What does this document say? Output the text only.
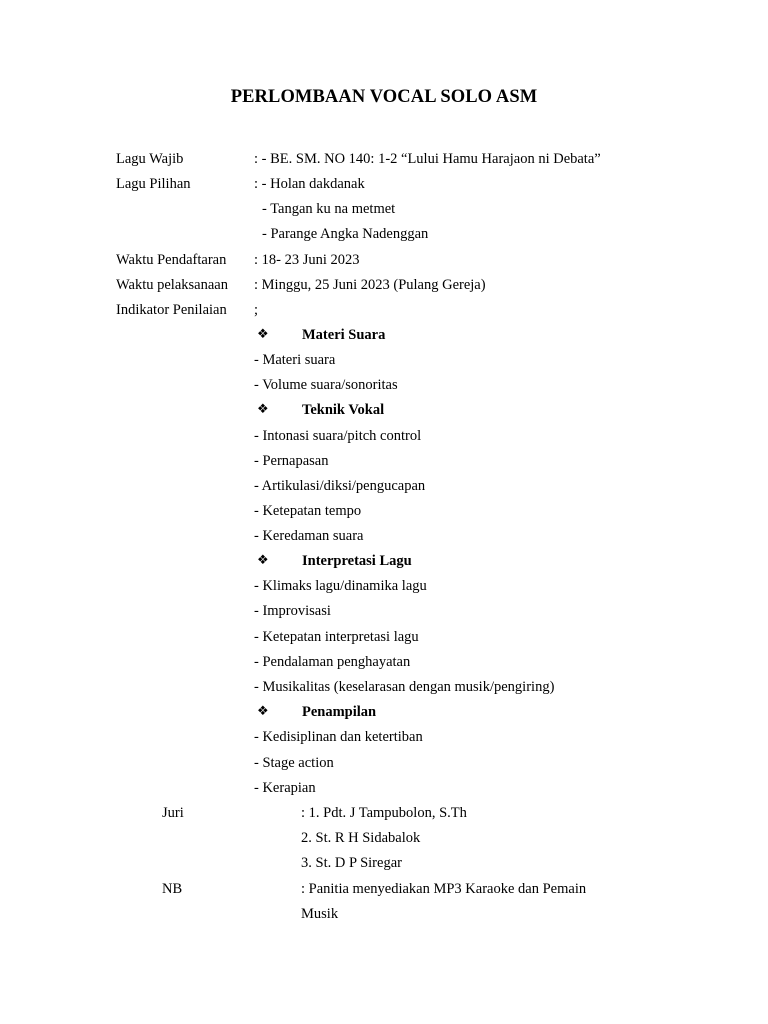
PERLOMBAAN VOCAL SOLO ASM
Lagu Wajib	: - BE. SM. NO 140: 1-2 “Lului Hamu Harajaon ni Debata”
Lagu Pilihan	: - Holan dakdanak
- Tangan ku na metmet
- Parange Angka Nadenggan
Waktu Pendaftaran : 18- 23 Juni 2023
Waktu pelaksanaan : Minggu, 25 Juni 2023 (Pulang Gereja)
Indikator Penilaian ;
❖ Materi Suara
- Materi suara
- Volume suara/sonoritas
❖ Teknik Vokal
- Intonasi suara/pitch control
- Pernapasan
- Artikulasi/diksi/pengucapan
- Ketepatan tempo
- Keredaman suara
❖ Interpretasi Lagu
- Klimaks lagu/dinamika lagu
- Improvisasi
- Ketepatan interpretasi lagu
- Pendalaman penghayatan
- Musikalitas (keselarasan dengan musik/pengiring)
❖ Penampilan
- Kedisiplinan dan ketertiban
- Stage action
- Kerapian
Juri	: 1. Pdt. J Tampubolon, S.Th
2. St. R H Sidabalok
3. St. D P Siregar
NB	: Panitia menyediakan MP3 Karaoke dan Pemain
Musik
